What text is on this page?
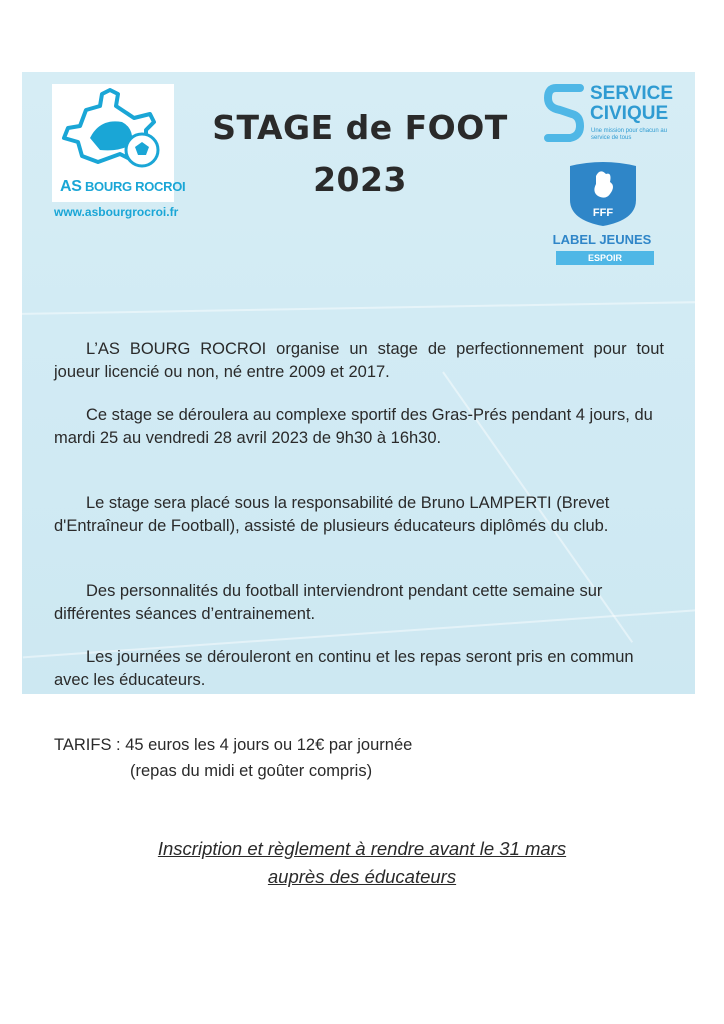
AS BOURG ROCROI
www.asbourgrocroi.fr
STAGE de FOOT
2023
SERVICE
CIVIQUE
Une mission pour chacun au service de tous
FFF
LABEL JEUNES
ESPOIR
L’AS BOURG ROCROI organise un stage de perfectionnement pour tout joueur licencié ou non, né entre 2009 et 2017.
Ce stage se déroulera au complexe sportif des Gras-Prés pendant 4 jours, du mardi 25 au vendredi 28 avril 2023 de 9h30 à 16h30.
Le stage sera placé sous la responsabilité de Bruno LAMPERTI (Brevet d'Entraîneur de Football), assisté de plusieurs éducateurs diplômés du club.
Des personnalités du football interviendront pendant cette semaine sur différentes séances d’entrainement.
Les journées se dérouleront en continu et les repas seront pris en commun avec les éducateurs.
TARIFS : 45 euros les 4 jours ou 12€ par journée
(repas du midi et goûter compris)
Inscription et règlement à rendre avant le 31 mars
auprès des éducateurs
